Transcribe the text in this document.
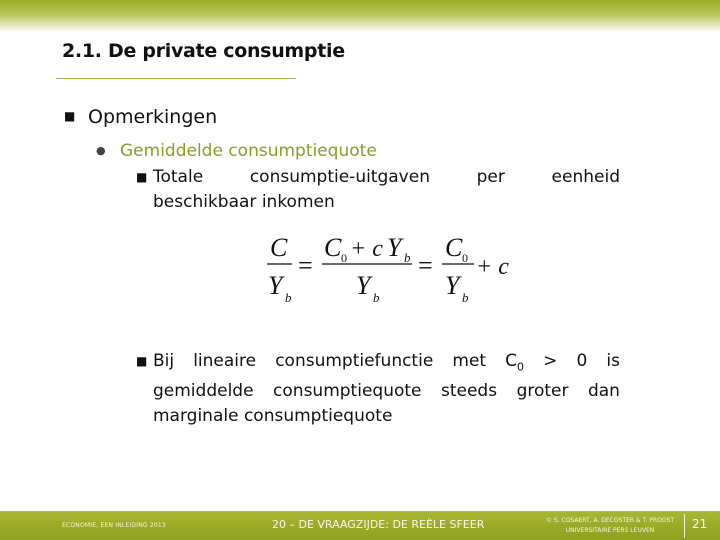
2.1. De private consumptie
■ Opmerkingen
● Gemiddelde consumptiequote
■ Totale	consumptie-uitgaven	per	eenheid
beschikbaar inkomen
C
Y b
=
C 0 + c Y b
Y b
=
C 0
Y b
+ c
■ Bij lineaire consumptiefunctie met $C_0 > 0$ is
gemiddelde consumptiequote steeds groter dan
marginale consumptiequote
ECONOMIE, EEN INLEIDING 2013	20 – DE VRAAGZIJDE: DE REËLE SFEER	© S. COSAERT, A. DECOSTER & T. PROOST
UNIVERSITAIRE PERS LEUVEN	21
